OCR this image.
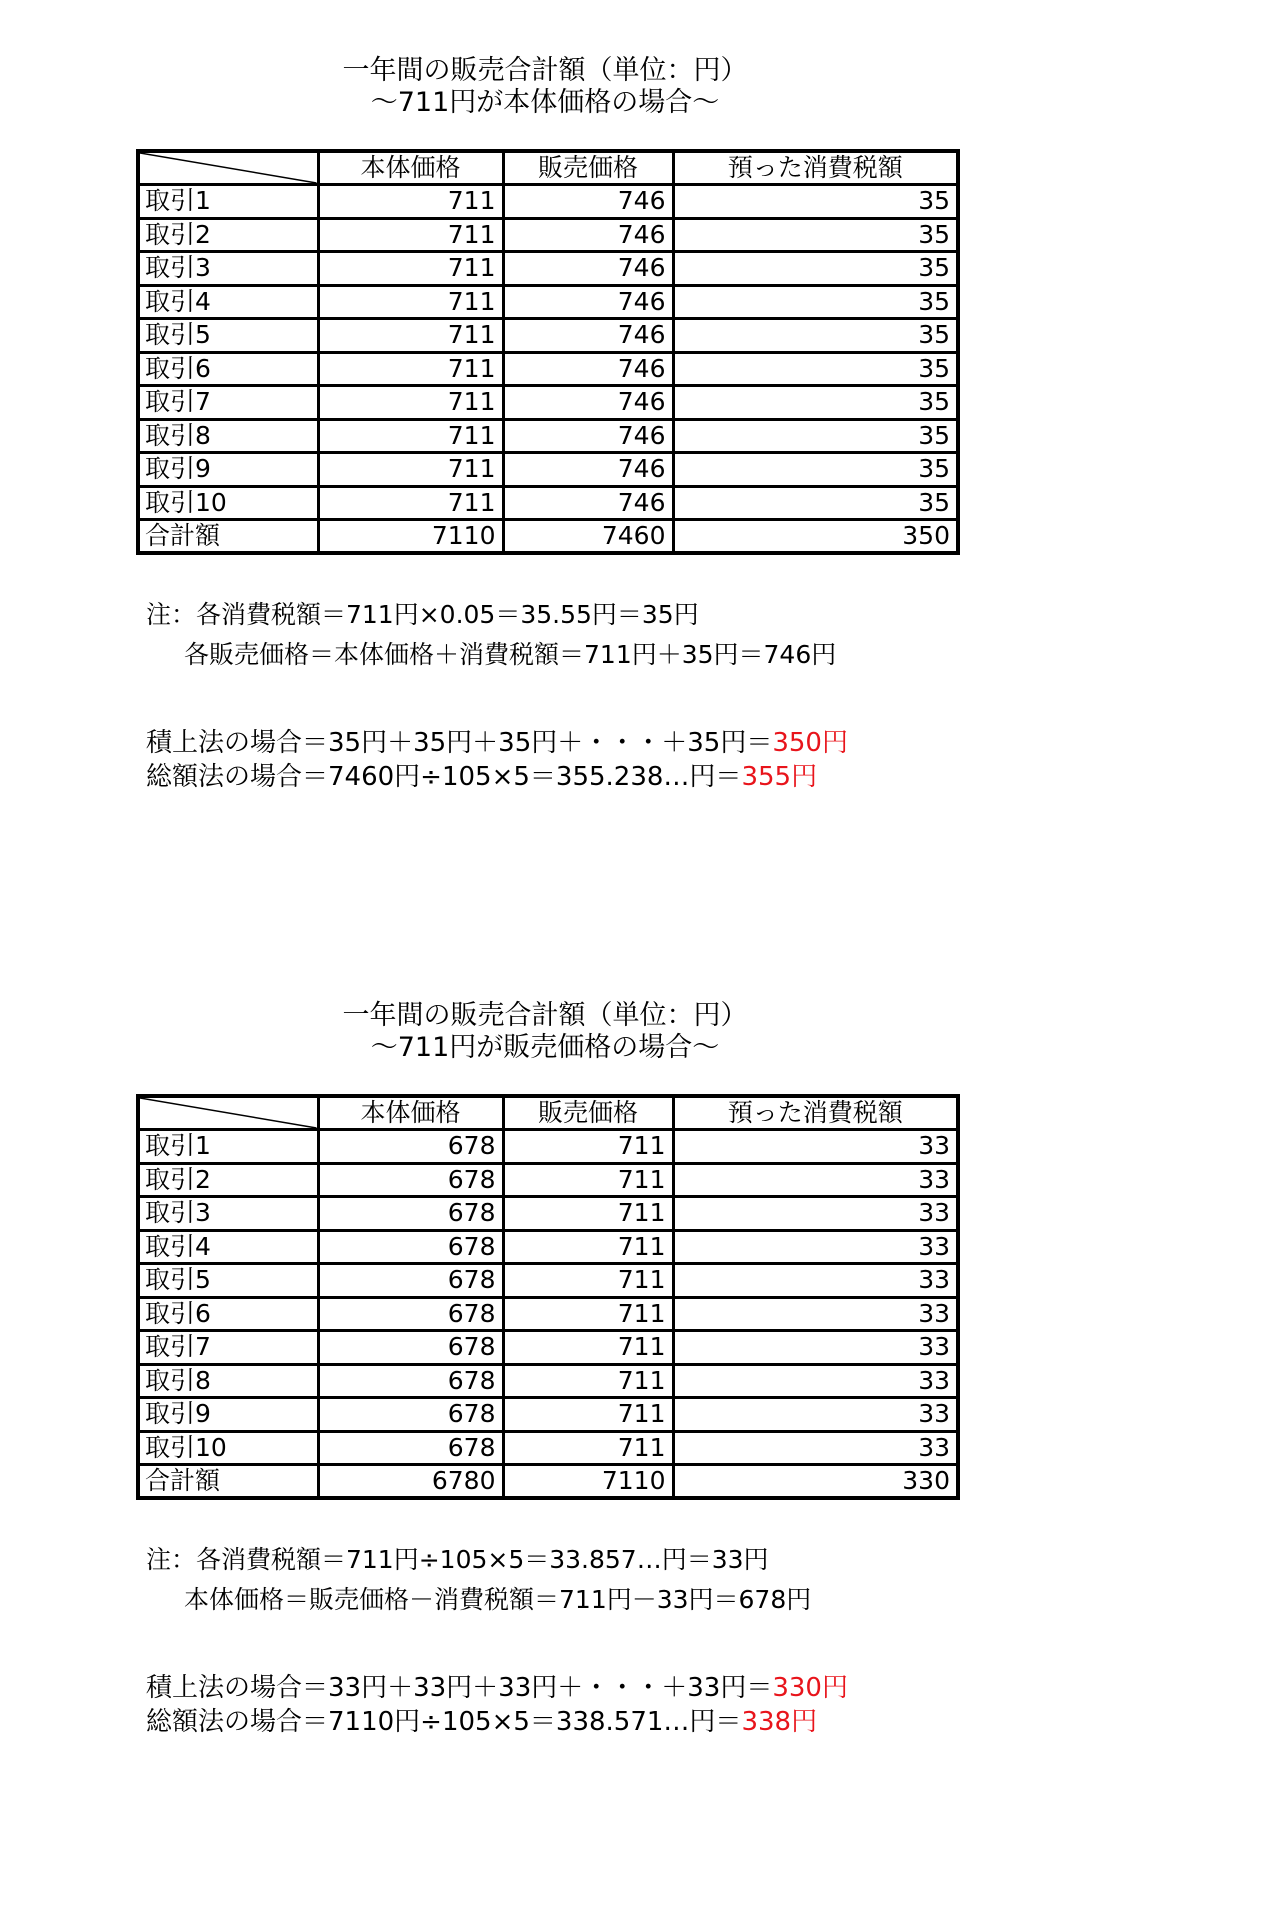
一年間の販売合計額（単位：円）
～711円が本体価格の場合～
	本体価格	販売価格	預った消費税額
取引1	711	746	35
取引2	711	746	35
取引3	711	746	35
取引4	711	746	35
取引5	711	746	35
取引6	711	746	35
取引7	711	746	35
取引8	711	746	35
取引9	711	746	35
取引10	711	746	35
合計額	7110	7460	350
注：各消費税額＝711円×0.05＝35.55円＝35円
各販売価格＝本体価格＋消費税額＝711円＋35円＝746円
積上法の場合＝35円＋35円＋35円＋・・・＋35円＝350円
総額法の場合＝7460円÷105×5＝355.238…円＝355円
一年間の販売合計額（単位：円）
～711円が販売価格の場合～
	本体価格	販売価格	預った消費税額
取引1	678	711	33
取引2	678	711	33
取引3	678	711	33
取引4	678	711	33
取引5	678	711	33
取引6	678	711	33
取引7	678	711	33
取引8	678	711	33
取引9	678	711	33
取引10	678	711	33
合計額	6780	7110	330
注：各消費税額＝711円÷105×5＝33.857…円＝33円
本体価格＝販売価格－消費税額＝711円－33円＝678円
積上法の場合＝33円＋33円＋33円＋・・・＋33円＝330円
総額法の場合＝7110円÷105×5＝338.571…円＝338円
